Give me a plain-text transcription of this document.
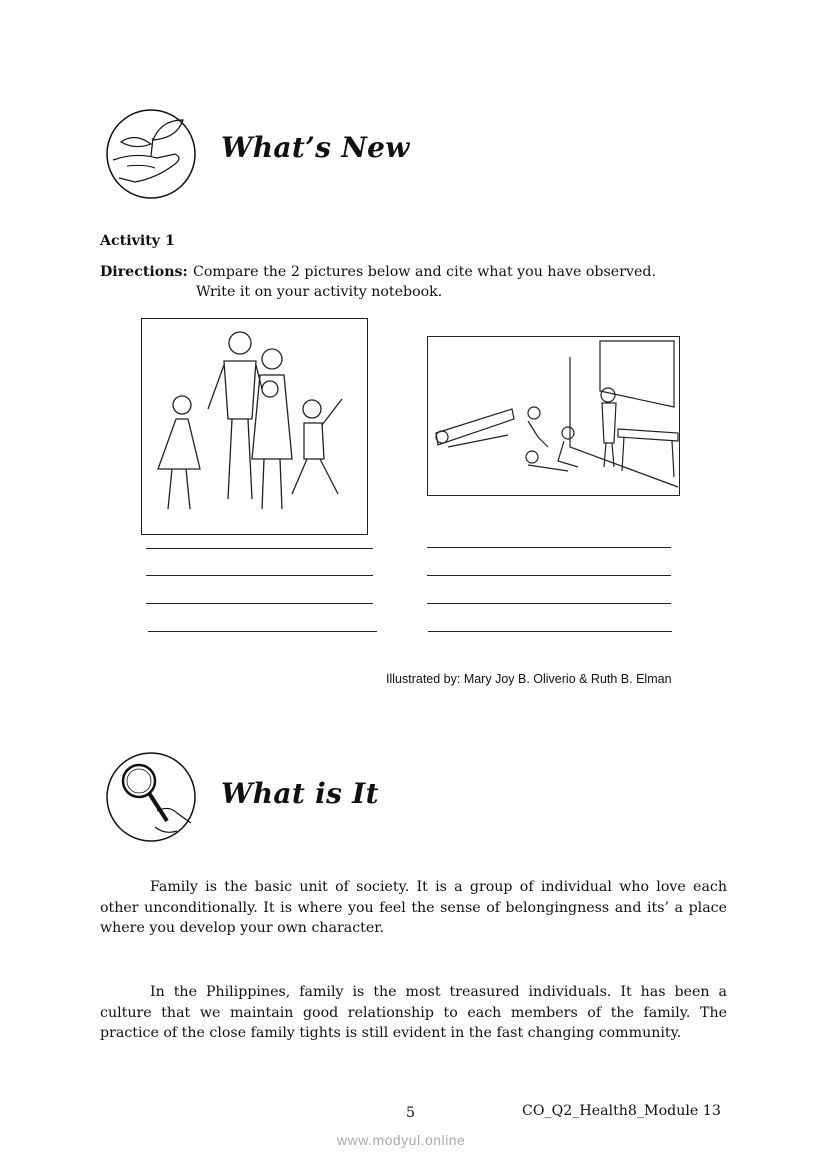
What’s New
Activity 1
Directions: Compare the 2 pictures below and cite what you have observed.
Write it on your activity notebook.
Illustrated by: Mary Joy B. Oliverio & Ruth B. Elman
What is It
Family is the basic unit of society. It is a group of individual who love each other unconditionally. It is where you feel the sense of belongingness and its’ a place where you develop your own character.
In the Philippines, family is the most treasured individuals. It has been a culture that we maintain good relationship to each members of the family. The practice of the close family tights is still evident in the fast changing community.
CO_Q2_Health8_Module 13
5
www.modyul.online
